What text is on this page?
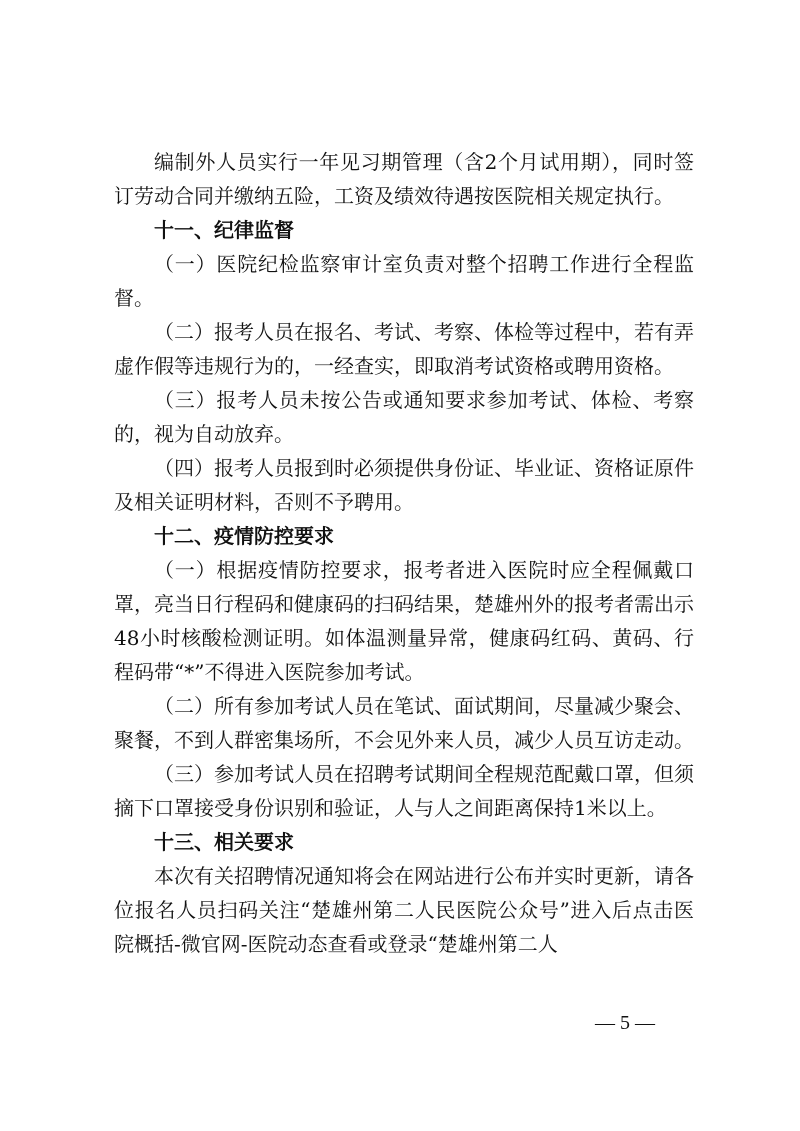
编制外人员实行一年见习期管理（含2个月试用期），同时签订劳动合同并缴纳五险，工资及绩效待遇按医院相关规定执行。

十一、纪律监督

（一）医院纪检监察审计室负责对整个招聘工作进行全程监督。

（二）报考人员在报名、考试、考察、体检等过程中，若有弄虚作假等违规行为的，一经查实，即取消考试资格或聘用资格。

（三）报考人员未按公告或通知要求参加考试、体检、考察的，视为自动放弃。

（四）报考人员报到时必须提供身份证、毕业证、资格证原件及相关证明材料，否则不予聘用。

十二、疫情防控要求

（一）根据疫情防控要求，报考者进入医院时应全程佩戴口罩，亮当日行程码和健康码的扫码结果，楚雄州外的报考者需出示48小时核酸检测证明。如体温测量异常，健康码红码、黄码、行程码带“*”不得进入医院参加考试。

（二）所有参加考试人员在笔试、面试期间，尽量减少聚会、聚餐，不到人群密集场所，不会见外来人员，减少人员互访走动。

（三）参加考试人员在招聘考试期间全程规范配戴口罩，但须摘下口罩接受身份识别和验证，人与人之间距离保持1米以上。

十三、相关要求

本次有关招聘情况通知将会在网站进行公布并实时更新，请各位报名人员扫码关注“楚雄州第二人民医院公众号”进入后点击医院概括-微官网-医院动态查看或登录“楚雄州第二人

— 5 —
